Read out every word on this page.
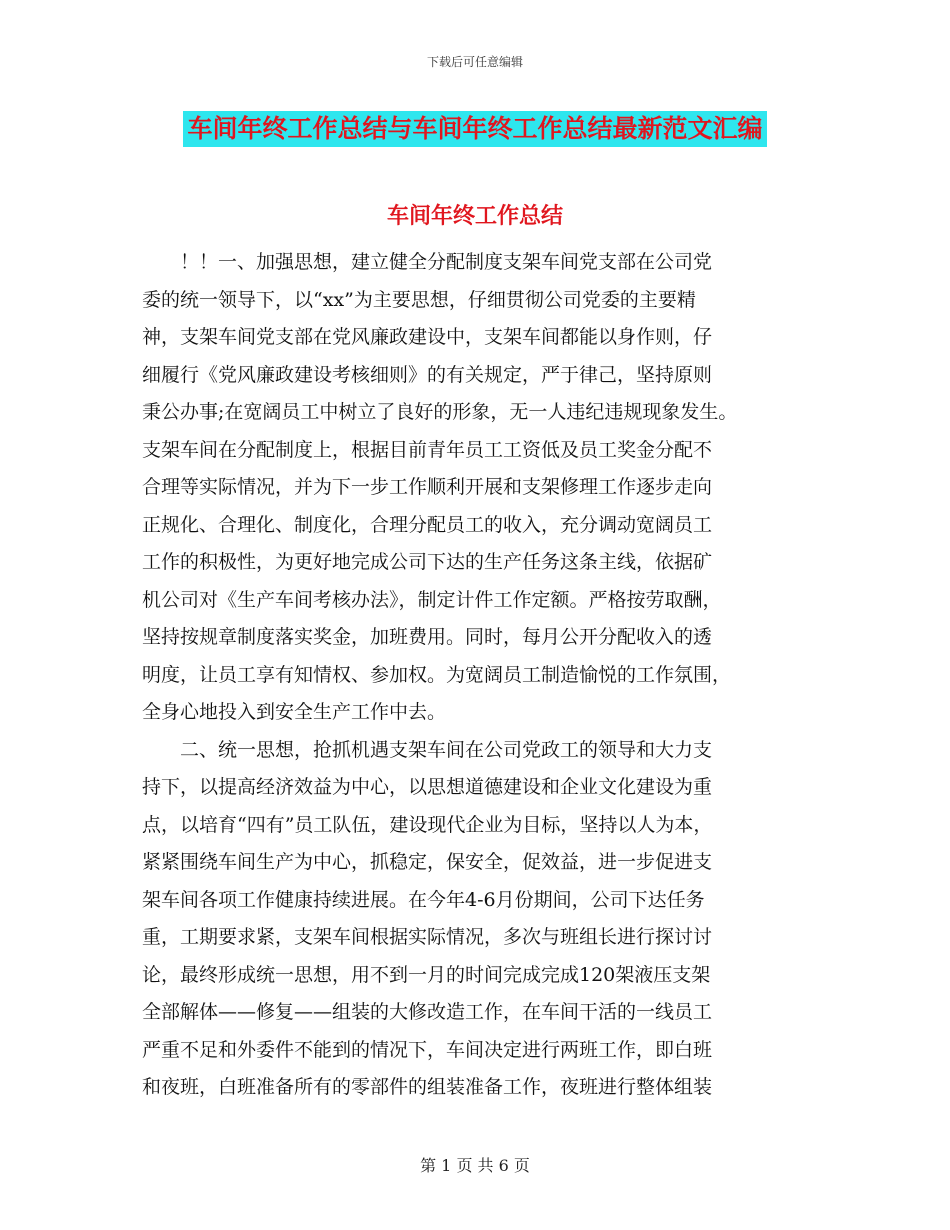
下载后可任意编辑
车间年终工作总结与车间年终工作总结最新范文汇编
车间年终工作总结
　　！！一、加强思想，建立健全分配制度支架车间党支部在公司党
委的统一领导下，以“xx”为主要思想，仔细贯彻公司党委的主要精
神，支架车间党支部在党风廉政建设中，支架车间都能以身作则，仔
细履行《党风廉政建设考核细则》的有关规定，严于律己，坚持原则
秉公办事;在宽阔员工中树立了良好的形象，无一人违纪违规现象发生。
支架车间在分配制度上，根据目前青年员工工资低及员工奖金分配不
合理等实际情况，并为下一步工作顺利开展和支架修理工作逐步走向
正规化、合理化、制度化，合理分配员工的收入，充分调动宽阔员工
工作的积极性，为更好地完成公司下达的生产任务这条主线，依据矿
机公司对《生产车间考核办法》，制定计件工作定额。严格按劳取酬，
坚持按规章制度落实奖金，加班费用。同时，每月公开分配收入的透
明度，让员工享有知情权、参加权。为宽阔员工制造愉悦的工作氛围，
全身心地投入到安全生产工作中去。
　　二、统一思想，抢抓机遇支架车间在公司党政工的领导和大力支
持下，以提高经济效益为中心，以思想道德建设和企业文化建设为重
点，以培育“四有”员工队伍，建设现代企业为目标，坚持以人为本，
紧紧围绕车间生产为中心，抓稳定，保安全，促效益，进一步促进支
架车间各项工作健康持续进展。在今年4-6月份期间，公司下达任务
重，工期要求紧，支架车间根据实际情况，多次与班组长进行探讨讨
论，最终形成统一思想，用不到一月的时间完成完成120架液压支架
全部解体——修复——组装的大修改造工作，在车间干活的一线员工
严重不足和外委件不能到的情况下，车间决定进行两班工作，即白班
和夜班，白班准备所有的零部件的组装准备工作，夜班进行整体组装
第 1 页 共 6 页
